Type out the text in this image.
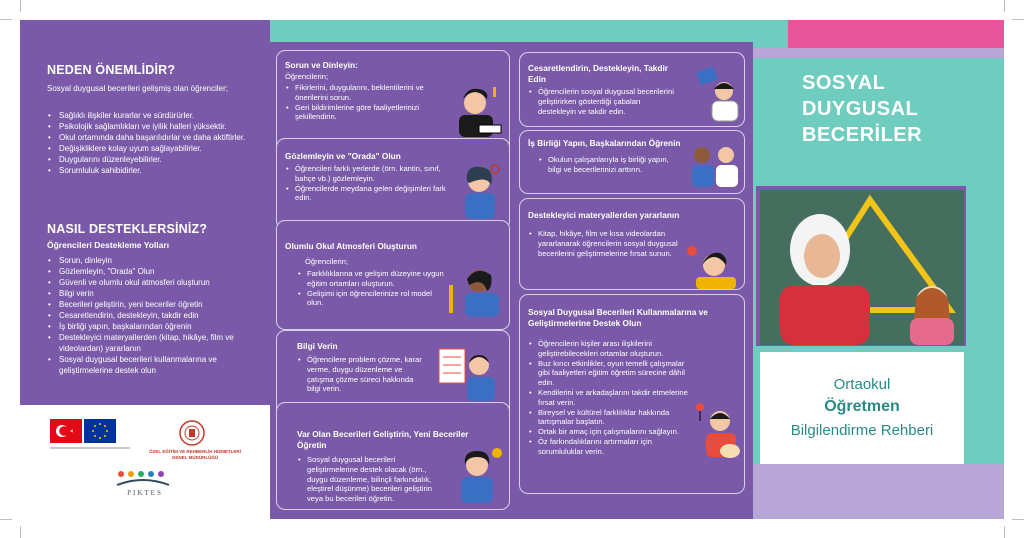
NEDEN ÖNEMLİDİR?
Sosyal duygusal becerileri gelişmiş olan öğrenciler;
• Sağlıklı ilişkiler kurarlar ve sürdürürler.
• Psikolojik sağlamlıkları ve iyilik halleri yüksektir.
• Okul ortamında daha başarılıdırlar ve daha aktiftirler.
• Değişikliklere kolay uyum sağlayabilirler.
• Duygularını düzenleyebilirler.
• Sorumluluk sahibidirler.
NASIL DESTEKLERSİNİZ?
Öğrencileri Destekleme Yolları
• Sorun, dinleyin
• Gözlemleyin, "Orada" Olun
• Güvenli ve olumlu okul atmosferi oluşturun
• Bilgi verin
• Becerileri geliştirin, yeni beceriler öğretin
• Cesaretlendirin, destekleyin, takdir edin
• İş birliği yapın, başkalarından öğrenin
• Destekleyici materyallerden (kitap, hikâye, film ve videolardan) yararlanın
• Sosyal duygusal becerileri kullanmalarına ve geliştirmelerine destek olun
ÖZEL EĞİTİM VE REHBERLİK HİZMETLERİ GENEL MÜDÜRLÜĞÜ
PIKTES
Sorun ve Dinleyin:
Öğrencilerin;
• Fikirlerini, duygularını, beklentilerini ve önerilerini sorun.
• Geri bildirimlerine göre faaliyetlerinizi şekillendirin.
Gözlemleyin ve "Orada" Olun
• Öğrencileri farklı yerlerde (örn. kantin, sınıf, bahçe vb.) gözlemleyin.
• Öğrencilerde meydana gelen değişimleri fark edin.
Olumlu Okul Atmosferi Oluşturun
Öğrencilerin;
• Farklılıklarına ve gelişim düzeyine uygun eğitim ortamları oluşturun.
• Gelişimi için öğrencilerinize rol model olun.
Bilgi Verin
• Öğrencilere problem çözme, karar verme, duygu düzenleme ve çatışma çözme süreci hakkında bilgi verin.
Var Olan Becerileri Geliştirin, Yeni Beceriler Öğretin
• Sosyal duygusal becerileri geliştirmelerine destek olacak (örn., duygu düzenleme, bilinçli farkındalık, eleştirel düşünme) becerileri geliştirin veya bu becerileri öğretin.
Cesaretlendirin, Destekleyin, Takdir Edin
• Öğrencilerin sosyal duygusal becerilerini geliştirirken gösterdiği çabaları destekleyin ve takdir edin.
İş Birliği Yapın, Başkalarından Öğrenin
• Okulun çalışanlarıyla iş birliği yapın, bilgi ve becerilerinizi arttırın.
Destekleyici materyallerden yararlanın
• Kitap, hikâye, film ve kısa videolardan yararlanarak öğrencilerin sosyal duygusal becerilerini geliştirmelerine fırsat sunun.
Sosyal Duygusal Becerileri Kullanmalarına ve Geliştirmelerine Destek Olun
• Öğrencilerin kişiler arası ilişkilerini geliştirebilecekleri ortamlar oluşturun.
• Buz kırıcı etkinlikler, oyun temelli çalışmalar gibi faaliyetleri eğitim öğretim sürecine dâhil edin.
• Kendilerini ve arkadaşlarını takdir etmelerine fırsat verin.
• Bireysel ve kültürel farklılıklar hakkında tartışmalar başlatın.
• Ortak bir amaç için çalışmalarını sağlayın.
• Öz farkındalıklarını artırmaları için sorumluluklar verin.
SOSYAL
DUYGUSAL
BECERİLER
Ortaokul
Öğretmen
Bilgilendirme Rehberi
